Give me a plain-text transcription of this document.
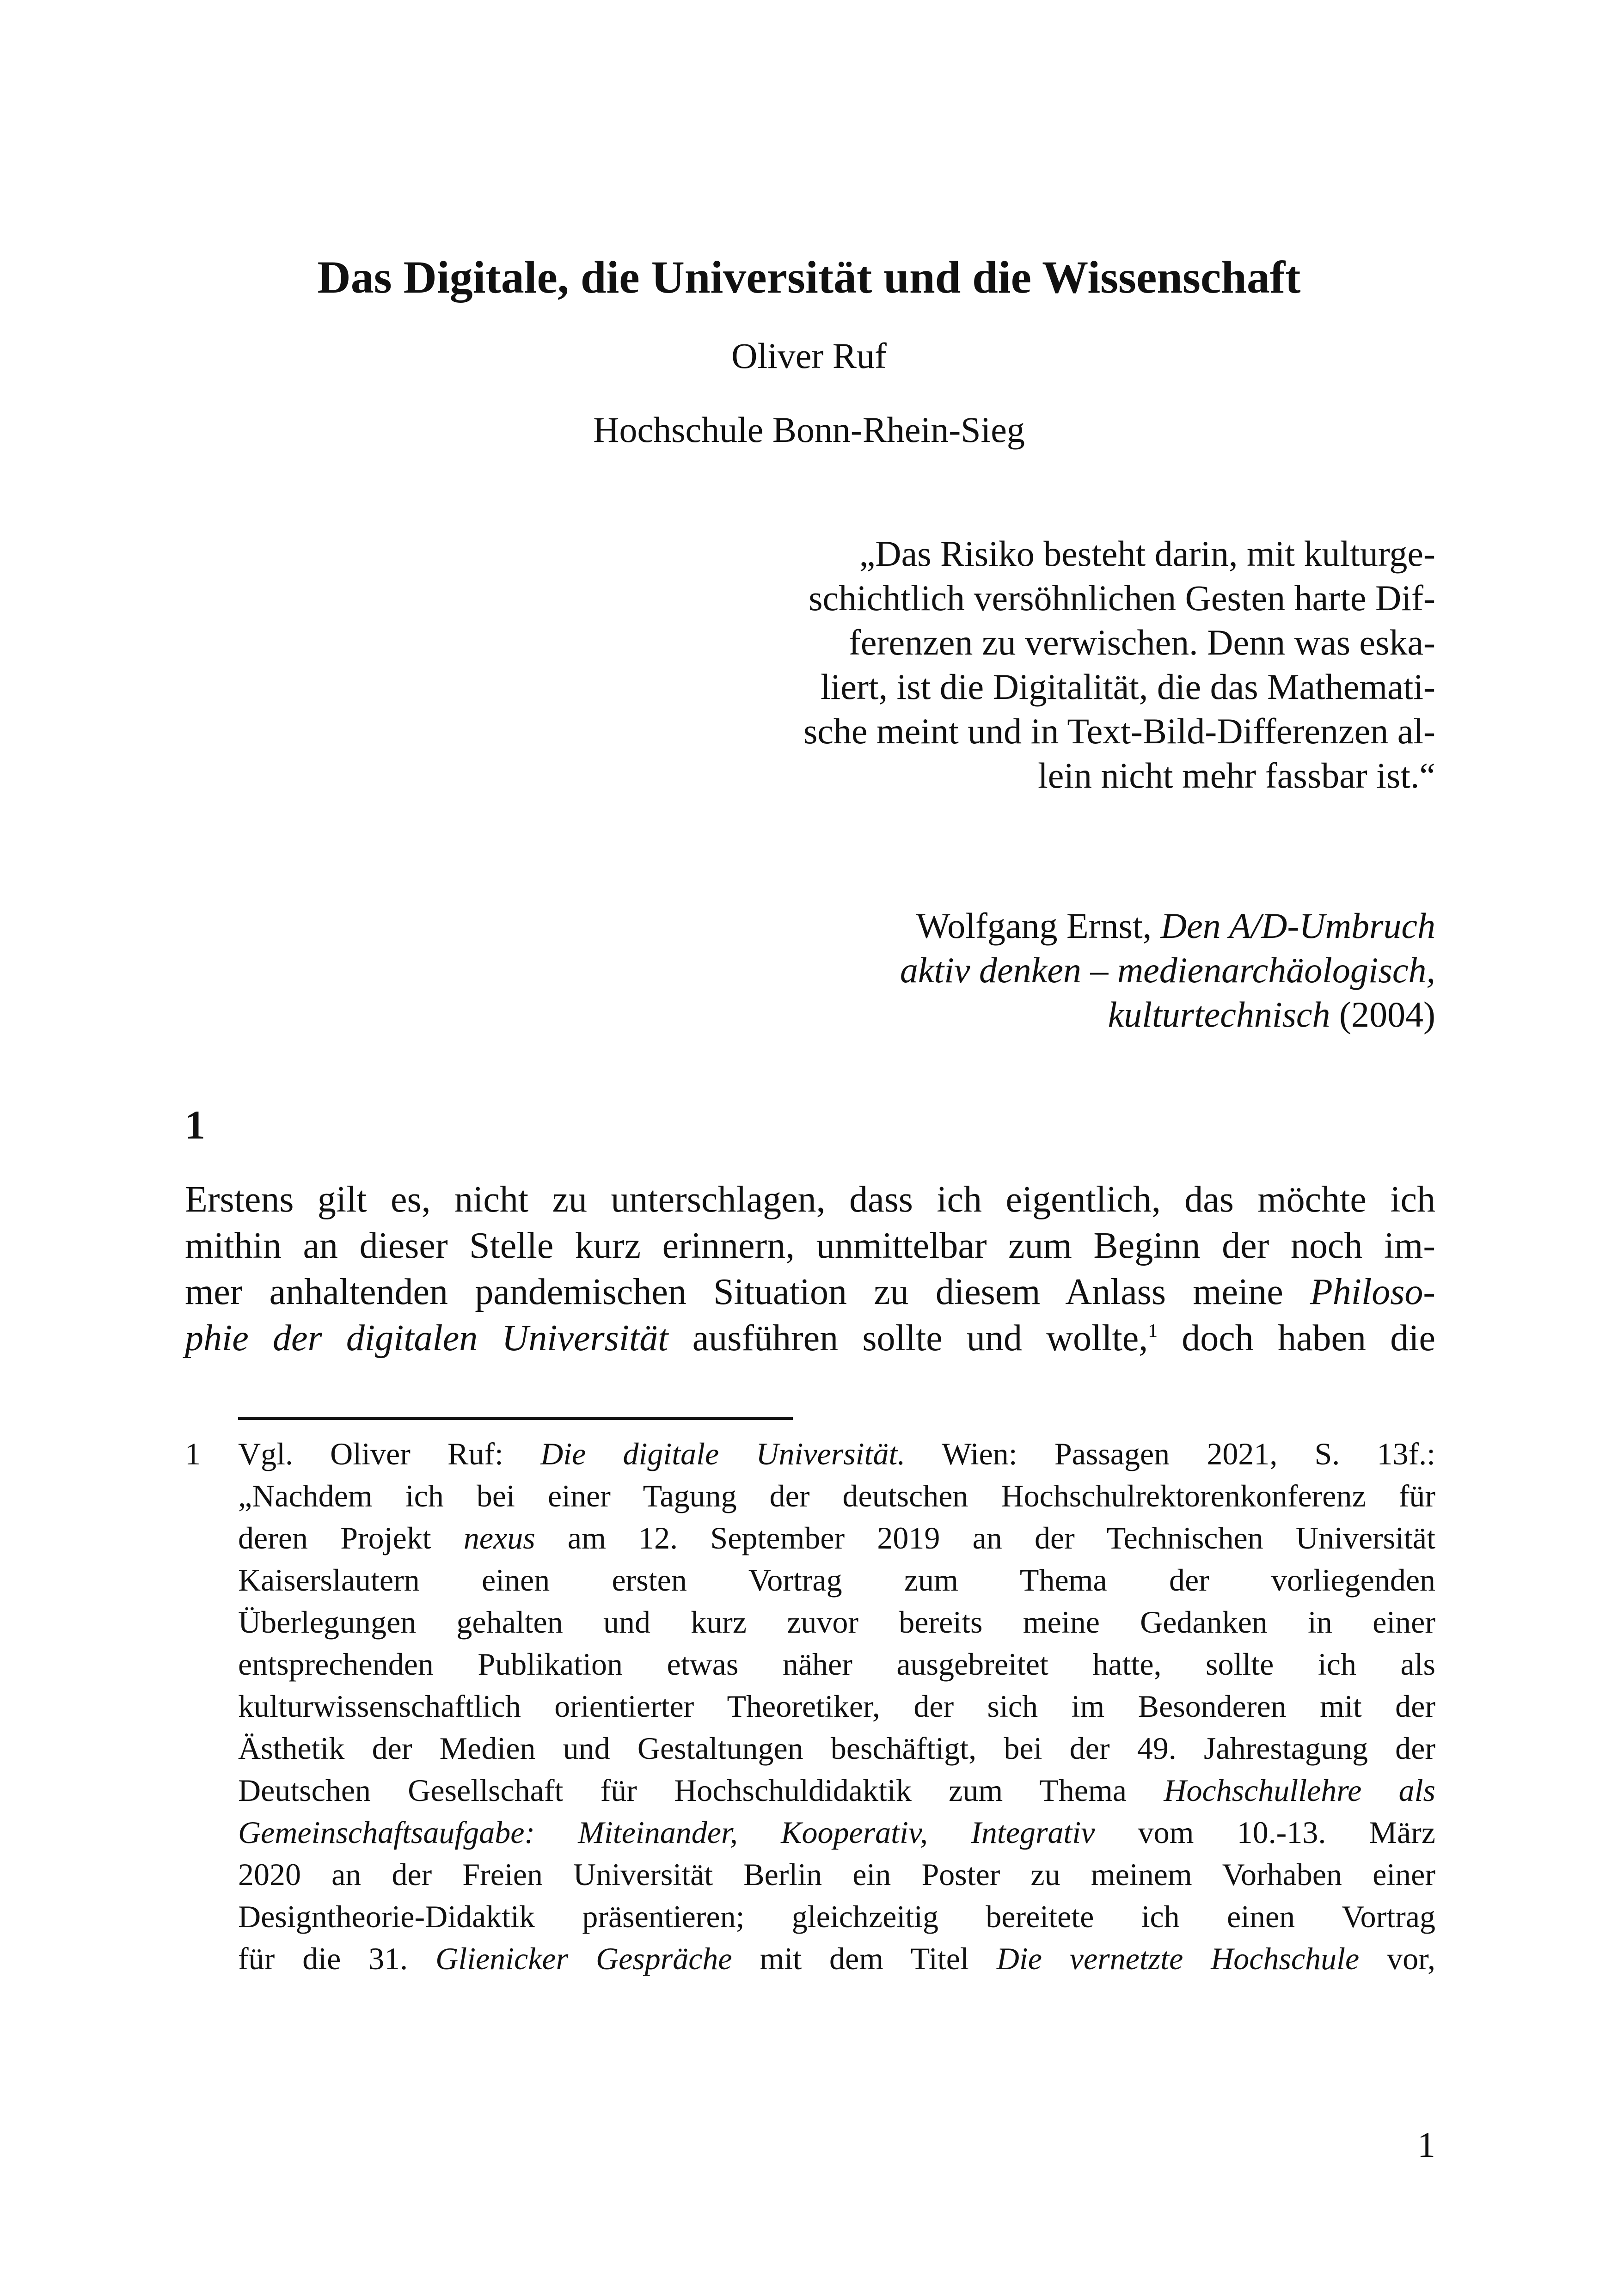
Das Digitale, die Universität und die Wissenschaft

Oliver Ruf

Hochschule Bonn-Rhein-Sieg

„Das Risiko besteht darin, mit kulturge-
schichtlich versöhnlichen Gesten harte Dif-
ferenzen zu verwischen. Denn was eska-
liert, ist die Digitalität, die das Mathemati-
sche meint und in Text-Bild-Differenzen al-
lein nicht mehr fassbar ist.“
Wolfgang Ernst, Den A/D-Umbruch
aktiv denken – medienarchäologisch,
kulturtechnisch (2004)
1
Erstens gilt es, nicht zu unterschlagen, dass ich eigentlich, das möchte ich
mithin an dieser Stelle kurz erinnern, unmittelbar zum Beginn der noch im-
mer anhaltenden pandemischen Situation zu diesem Anlass meine Philoso-
phie der digitalen Universität ausführen sollte und wollte,$^1$ doch haben die
1 Vgl. Oliver Ruf: Die digitale Universität. Wien: Passagen 2021, S. 13f.:
„Nachdem ich bei einer Tagung der deutschen Hochschulrektorenkonferenz für
deren Projekt nexus am 12. September 2019 an der Technischen Universität
Kaiserslautern einen ersten Vortrag zum Thema der vorliegenden
Überlegungen gehalten und kurz zuvor bereits meine Gedanken in einer
entsprechenden Publikation etwas näher ausgebreitet hatte, sollte ich als
kulturwissenschaftlich orientierter Theoretiker, der sich im Besonderen mit der
Ästhetik der Medien und Gestaltungen beschäftigt, bei der 49. Jahrestagung der
Deutschen Gesellschaft für Hochschuldidaktik zum Thema Hochschullehre als
Gemeinschaftsaufgabe: Miteinander, Kooperativ, Integrativ vom 10.-13. März
2020 an der Freien Universität Berlin ein Poster zu meinem Vorhaben einer
Designtheorie-Didaktik präsentieren; gleichzeitig bereitete ich einen Vortrag
für die 31. Glienicker Gespräche mit dem Titel Die vernetzte Hochschule vor,

1
